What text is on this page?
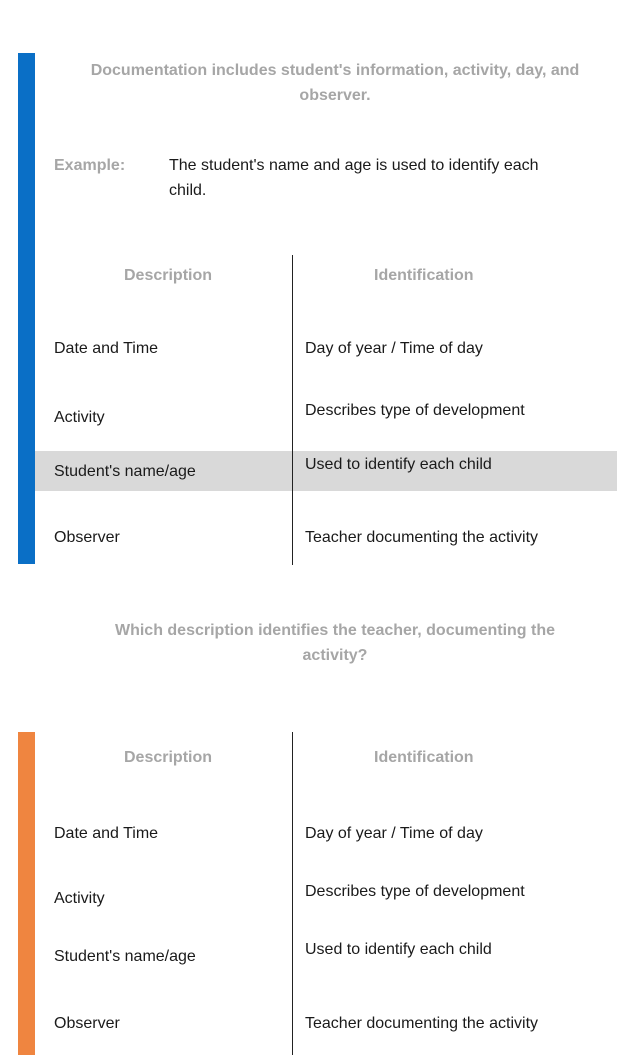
Documentation includes student's information, activity, day, and observer.
Example:	The student's name and age is used to identify each child.
Description	Identification
Date and Time	Day of year / Time of day
Activity	Describes type of development
Student's name/age	Used to identify each child
Observer	Teacher documenting the activity
Which description identifies the teacher, documenting the activity?
Description	Identification
Date and Time	Day of year / Time of day
Activity	Describes type of development
Student's name/age	Used to identify each child
Observer	Teacher documenting the activity
